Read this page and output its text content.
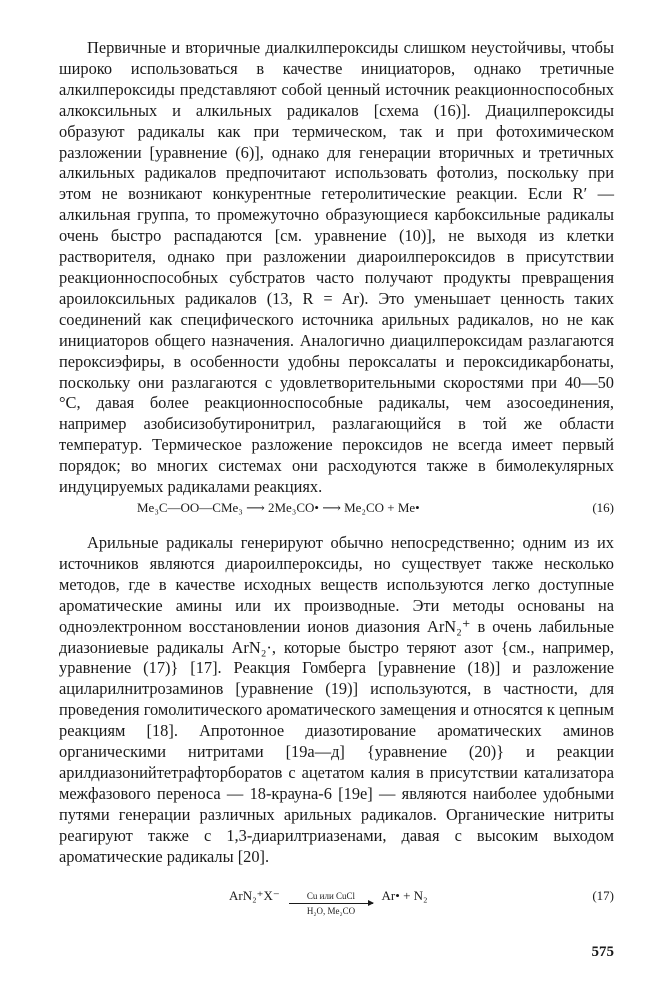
Первичные и вторичные диалкилпероксиды слишком неустойчивы, чтобы широко использоваться в качестве инициаторов, однако третичные алкилпероксиды представляют собой ценный источник реакционноспособных алкоксильных и алкильных радикалов [схема (16)]. Диацилпероксиды образуют радикалы как при термическом, так и при фотохимическом разложении [уравнение (6)], однако для генерации вторичных и третичных алкильных радикалов предпочитают использовать фотолиз, поскольку при этом не возникают конкурентные гетеролитические реакции. Если R′ — алкильная группа, то промежуточно образующиеся карбоксильные радикалы очень быстро распадаются [см. уравнение (10)], не выходя из клетки растворителя, однако при разложении диароилпероксидов в присутствии реакционноспособных субстратов часто получают продукты превращения ароилоксильных радикалов (13, R = Ar). Это уменьшает ценность таких соединений как специфического источника арильных радикалов, но не как инициаторов общего назначения. Аналогично диацилпероксидам разлагаются пероксиэфиры, в особенности удобны пероксалаты и пероксидикарбонаты, поскольку они разлагаются с удовлетворительными скоростями при 40—50 °С, давая более реакционноспособные радикалы, чем азосоединения, например азобисизобутиронитрил, разлагающийся в той же области температур. Термическое разложение пероксидов не всегда имеет первый порядок; во многих системах они расходуются также в бимолекулярных индуцируемых радикалами реакциях.

Me₃C—OO—CMe₃ ⟶ 2Me₃CO• ⟶ Me₂CO + Me•	(16)

Арильные радикалы генерируют обычно непосредственно; одним из их источников являются диароилпероксиды, но существует также несколько методов, где в качестве исходных веществ используются легко доступные ароматические амины или их производные. Эти методы основаны на одноэлектронном восстановлении ионов диазония ArN₂⁺ в очень лабильные диазониевые радикалы ArN₂·, которые быстро теряют азот {см., например, уравнение (17)} [17]. Реакция Гомберга [уравнение (18)] и разложение ациларилнитрозаминов [уравнение (19)] используются, в частности, для проведения гомолитического ароматического замещения и относятся к цепным реакциям [18]. Апротонное диазотирование ароматических аминов органическими нитритами [19а—д] {уравнение (20)} и реакции арилдиазонийтетрафторборатов с ацетатом калия в присутствии катализатора межфазового переноса — 18-крауна-6 [19е] — являются наиболее удобными путями генерации различных арильных радикалов. Органические нитриты реагируют также с 1,3-диарилтриазенами, давая с высоким выходом ароматические радикалы [20].

ArN₂⁺X⁻	Cu или CuCl
H₂O, Me₂CO Ar• + N₂	(17)
575
